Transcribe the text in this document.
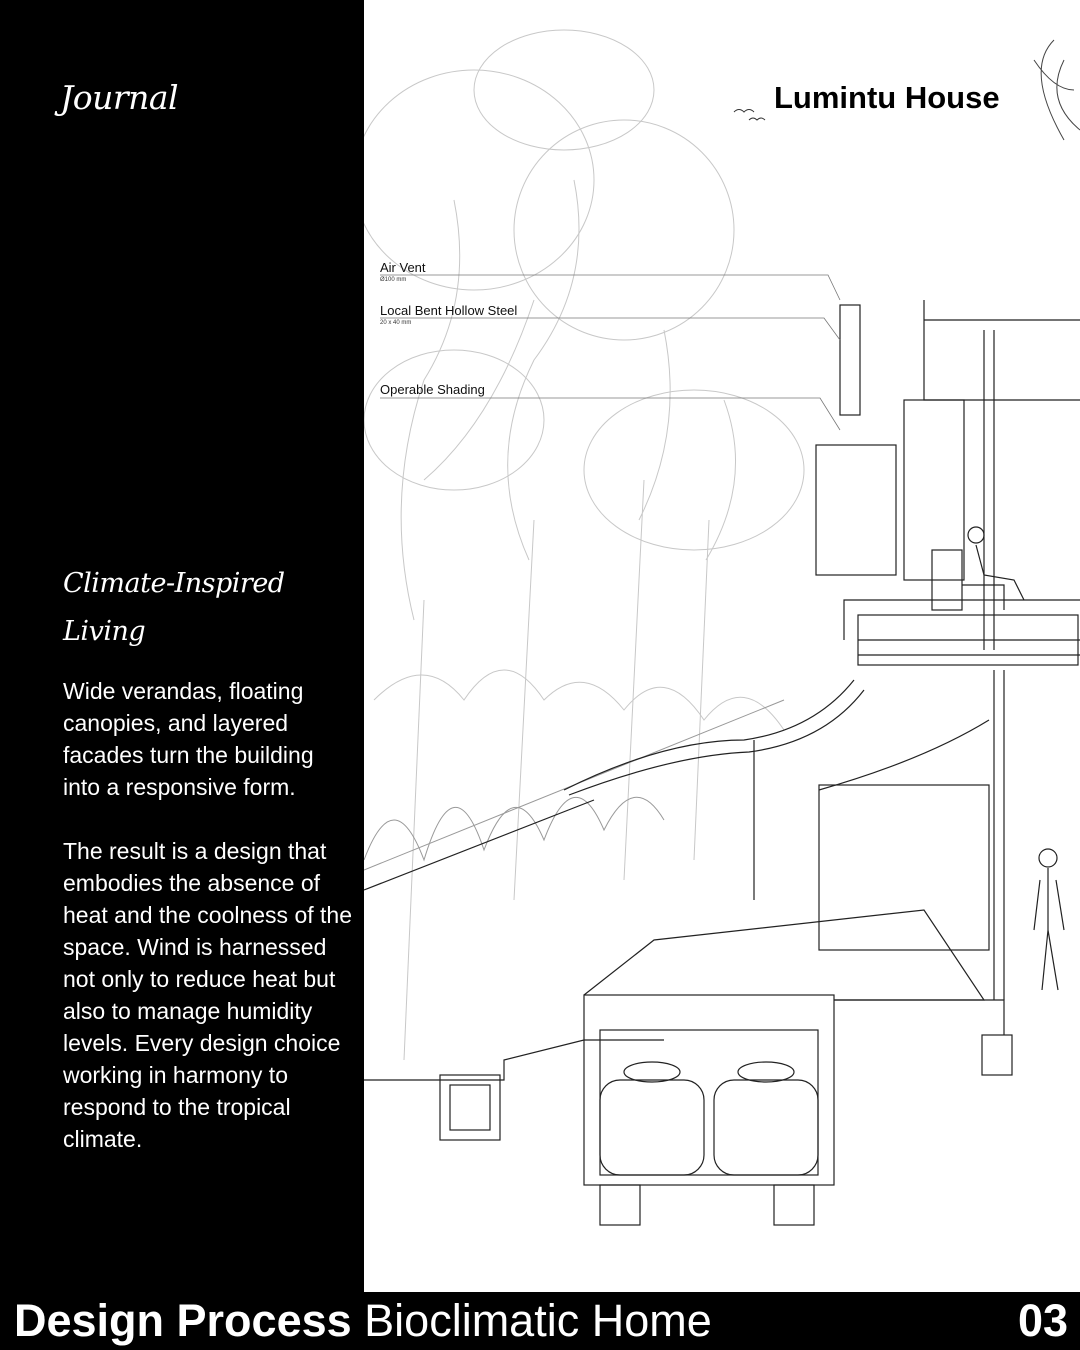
Journal
Climate-Inspired
Living

Wide verandas, floating canopies, and layered facades turn the building into a responsive form.

The result is a design that embodies the absence of heat and the coolness of the space. Wind is harnessed not only to reduce heat but also to manage humidity levels. Every design choice working in harmony to respond to the tropical climate.

Lumintu House
Air Vent
Ø100 mm
Local Bent Hollow Steel
20 x 40 mm
Operable Shading
Design Process Bioclimatic Home	03
